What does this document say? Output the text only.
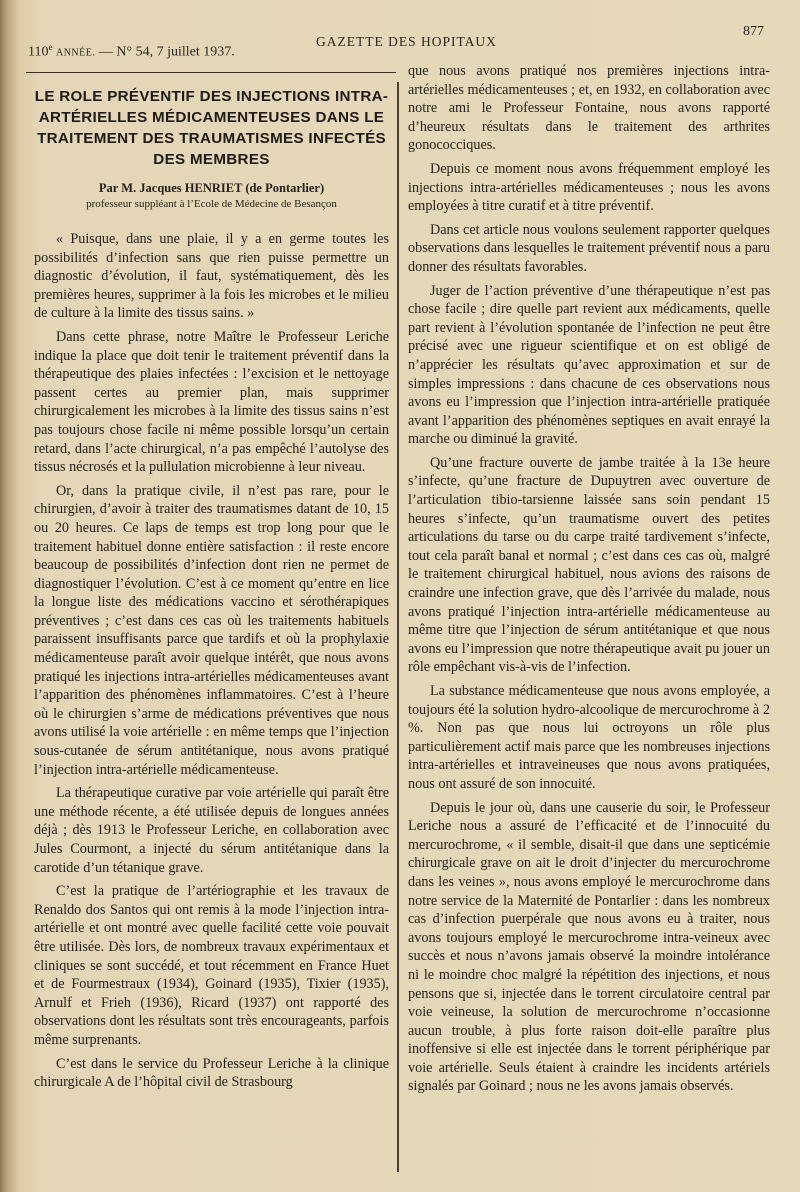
110e ANNÉE. — N° 54, 7 juillet 1937.
GAZETTE DES HOPITAUX
877
LE ROLE PRÉVENTIF DES INJECTIONS INTRA-ARTÉRIELLES MÉDICAMENTEUSES DANS LE TRAITEMENT DES TRAUMATISMES INFECTÉS DES MEMBRES
Par M. Jacques HENRIET (de Pontarlier)
professeur suppléant à l’Ecole de Médecine de Besançon

« Puisque, dans une plaie, il y a en germe toutes les possibilités d’infection sans que rien puisse permettre un diagnostic d’évolution, il faut, systématiquement, dès les premières heures, supprimer à la fois les microbes et le milieu de culture à la limite des tissus sains. »

Dans cette phrase, notre Maître le Professeur Leriche indique la place que doit tenir le traitement préventif dans la thérapeutique des plaies infectées : l’excision et le nettoyage passent certes au premier plan, mais supprimer chirurgicalement les microbes à la limite des tissus sains n’est pas toujours chose facile ni même possible lorsqu’un certain retard, dans l’acte chirurgical, n’a pas empêché l’autolyse des tissus nécrosés et la pullulation microbienne à leur niveau.

Or, dans la pratique civile, il n’est pas rare, pour le chirurgien, d’avoir à traiter des traumatismes datant de 10, 15 ou 20 heures. Ce laps de temps est trop long pour que le traitement habituel donne entière satisfaction : il reste encore beaucoup de possibilités d’infection dont rien ne permet de diagnostiquer l’évolution. C’est à ce moment qu’entre en lice la longue liste des médications vaccino et sérothérapiques préventives ; c’est dans ces cas où les traitements habituels paraissent insuffisants parce que tardifs et où la prophylaxie médicamenteuse paraît avoir quelque intérêt, que nous avons pratiqué les injections intra-artérielles médicamenteuses avant l’apparition des phénomènes inflammatoires. C’est à l’heure où le chirurgien s’arme de médications préventives que nous avons utilisé la voie artérielle : en même temps que l’injection sous-cutanée de sérum antitétanique, nous avons pratiqué l’injection intra-artérielle médicamenteuse.

La thérapeutique curative par voie artérielle qui paraît être une méthode récente, a été utilisée depuis de longues années déjà ; dès 1913 le Professeur Leriche, en collaboration avec Jules Courmont, a injecté du sérum antitétanique dans la carotide d’un tétanique grave.

C’est la pratique de l’artériographie et les travaux de Renaldo dos Santos qui ont remis à la mode l’injection intra-artérielle et ont montré avec quelle facilité cette voie pouvait être utilisée. Dès lors, de nombreux travaux expérimentaux et cliniques se sont succédé, et tout récemment en France Huet et de Fourmestraux (1934), Goinard (1935), Tixier (1935), Arnulf et Frieh (1936), Ricard (1937) ont rapporté des observations dont les résultats sont très encourageants, parfois même surprenants.

C’est dans le service du Professeur Leriche à la clinique chirurgicale A de l’hôpital civil de Strasbourg

que nous avons pratiqué nos premières injections intra-artérielles médicamenteuses ; et, en 1932, en collaboration avec notre ami le Professeur Fontaine, nous avons rapporté d’heureux résultats dans le traitement des arthrites gonococciques.

Depuis ce moment nous avons fréquemment employé les injections intra-artérielles médicamenteuses ; nous les avons employées à titre curatif et à titre préventif.

Dans cet article nous voulons seulement rapporter quelques observations dans lesquelles le traitement préventif nous a paru donner des résultats favorables.

Juger de l’action préventive d’une thérapeutique n’est pas chose facile ; dire quelle part revient aux médicaments, quelle part revient à l’évolution spontanée de l’infection ne peut être précisé avec une rigueur scientifique et on est obligé de n’apprécier les résultats qu’avec approximation et sur de simples impressions : dans chacune de ces observations nous avons eu l’impression que l’injection intra-artérielle pratiquée avant l’apparition des phénomènes septiques en avait enrayé la marche ou diminué la gravité.

Qu’une fracture ouverte de jambe traitée à la 13e heure s’infecte, qu’une fracture de Dupuytren avec ouverture de l’articulation tibio-tarsienne laissée sans soin pendant 15 heures s’infecte, qu’un traumatisme ouvert des petites articulations du tarse ou du carpe traité tardivement s’infecte, tout cela paraît banal et normal ; c’est dans ces cas où, malgré le traitement chirurgical habituel, nous avions des raisons de craindre une infection grave, que dès l’arrivée du malade, nous avons pratiqué l’injection intra-artérielle médicamenteuse au même titre que l’injection de sérum antitétanique et que nous avons eu l’impression que notre thérapeutique avait pu jouer un rôle empêchant vis-à-vis de l’infection.

La substance médicamenteuse que nous avons employée, a toujours été la solution hydro-alcoolique de mercurochrome à 2 %. Non pas que nous lui octroyons un rôle plus particulièrement actif mais parce que les nombreuses injections intra-artérielles et intraveineuses que nous avons pratiquées, nous ont assuré de son innocuité.

Depuis le jour où, dans une causerie du soir, le Professeur Leriche nous a assuré de l’efficacité et de l’innocuité du mercurochrome, « il semble, disait-il que dans une septicémie chirurgicale grave on ait le droit d’injecter du mercurochrome dans les veines », nous avons employé le mercurochrome dans notre service de la Maternité de Pontarlier : dans les nombreux cas d’infection puerpérale que nous avons eu à traiter, nous avons toujours employé le mercurochrome intra-veineux avec succès et nous n’avons jamais observé la moindre intolérance ni le moindre choc malgré la répétition des injections, et nous pensons que si, injectée dans le torrent circulatoire central par voie veineuse, la solution de mercurochrome n’occasionne aucun trouble, à plus forte raison doit-elle paraître plus inoffensive si elle est injectée dans le torrent périphérique par voie artérielle. Seuls étaient à craindre les incidents artériels signalés par Goinard ; nous ne les avons jamais observés.
